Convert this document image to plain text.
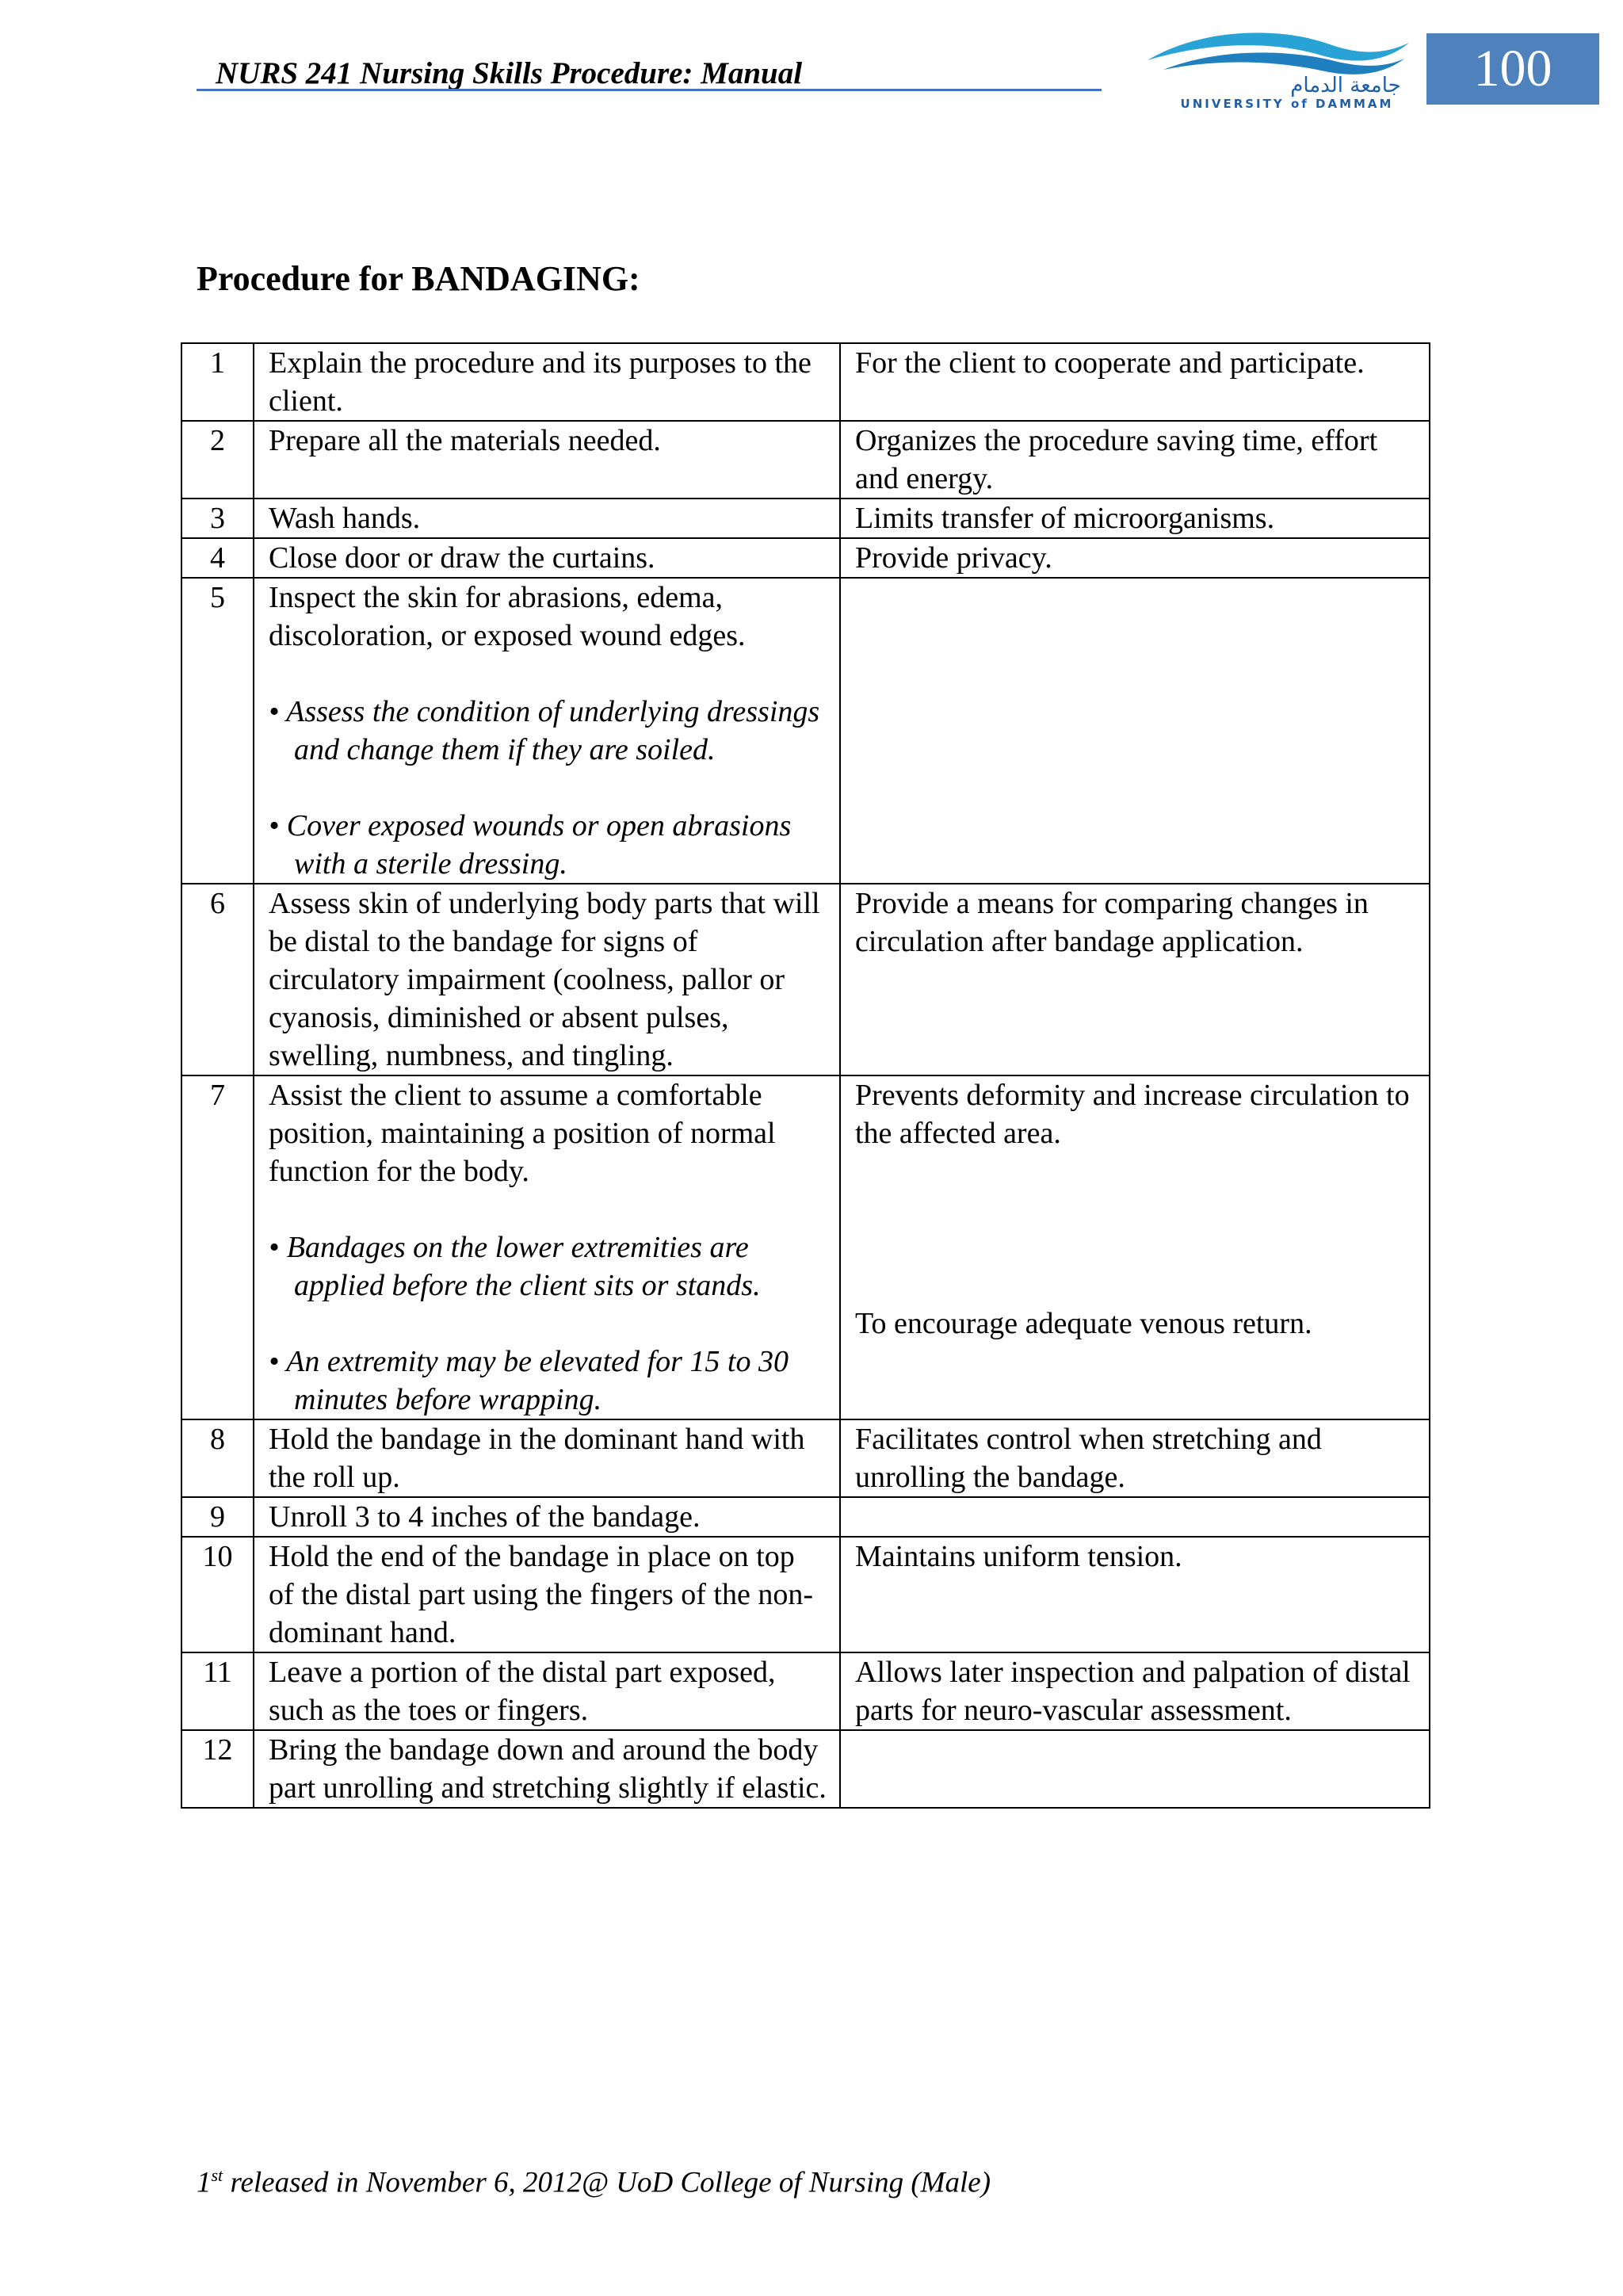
NURS 241 Nursing Skills Procedure: Manual	جامعة الدمام
UNIVERSITY of DAMMAM
100
Procedure for BANDAGING:
1	Explain the procedure and its purposes to the client.	For the client to cooperate and participate.
2	Prepare all the materials needed.	Organizes the procedure saving time, effort and energy.
3	Wash hands.	Limits transfer of microorganisms.
4	Close door or draw the curtains.	Provide privacy.
5	Inspect the skin for abrasions, edema, discoloration, or exposed wound edges.
• Assess the condition of underlying dressings and change them if they are soiled.
• Cover exposed wounds or open abrasions with a sterile dressing.	

6	Assess skin of underlying body parts that will be distal to the bandage for signs of circulatory impairment (coolness, pallor or cyanosis, diminished or absent pulses, swelling, numbness, and tingling.	Provide a means for comparing changes in circulation after bandage application.
7	Assist the client to assume a comfortable position, maintaining a position of normal function for the body.
• Bandages on the lower extremities are applied before the client sits or stands.
• An extremity may be elevated for 15 to 30 minutes before wrapping.	Prevents deformity and increase circulation to the affected area.
To encourage adequate venous return.

8	Hold the bandage in the dominant hand with the roll up.	Facilitates control when stretching and unrolling the bandage.
9	Unroll 3 to 4 inches of the bandage.	
10	Hold the end of the bandage in place on top of the distal part using the fingers of the non-dominant hand.	Maintains uniform tension.
11	Leave a portion of the distal part exposed, such as the toes or fingers.	Allows later inspection and palpation of distal parts for neuro-vascular assessment.
12	Bring the bandage down and around the body part unrolling and stretching slightly if elastic.	
1st released in November 6, 2012@ UoD College of Nursing (Male)
